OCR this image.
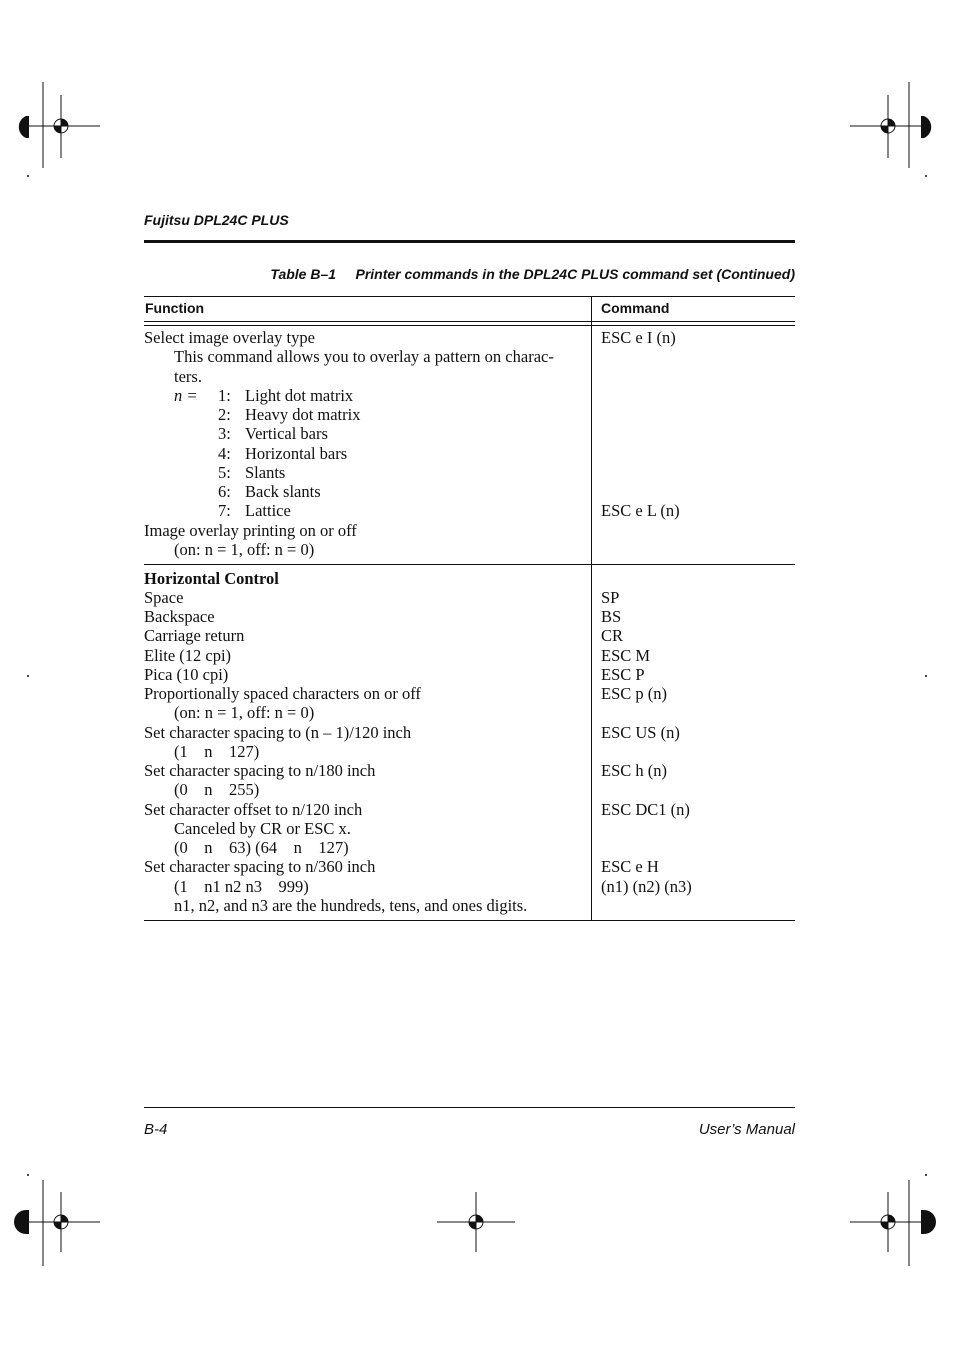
Fujitsu DPL24C PLUS
Table B–1 Printer commands in the DPL24C PLUS command set (Continued)
Function	Command
Select image overlay type
This command allows you to overlay a pattern on charac-
ters.
n = 1: Light dot matrix
2: Heavy dot matrix
3: Vertical bars
4: Horizontal bars
5: Slants
6: Back slants
7: Lattice
Image overlay printing on or off
(on: n = 1, off: n = 0)
ESC e I (n)
ESC e L (n)
Horizontal Control
Space
Backspace
Carriage return
Elite (12 cpi)
Pica (10 cpi)
Proportionally spaced characters on or off
(on: n = 1, off: n = 0)
Set character spacing to (n – 1)/120 inch
(1    n    127)
Set character spacing to n/180 inch
(0    n    255)
Set character offset to n/120 inch
Canceled by CR or ESC x.
(0    n    63) (64    n    127)
Set character spacing to n/360 inch
(1    n1 n2 n3    999)
n1, n2, and n3 are the hundreds, tens, and ones digits.
SP
BS
CR
ESC M
ESC P
ESC p (n)
ESC US (n)
ESC h (n)
ESC DC1 (n)
ESC e H
(n1) (n2) (n3)
B-4	User’s Manual
